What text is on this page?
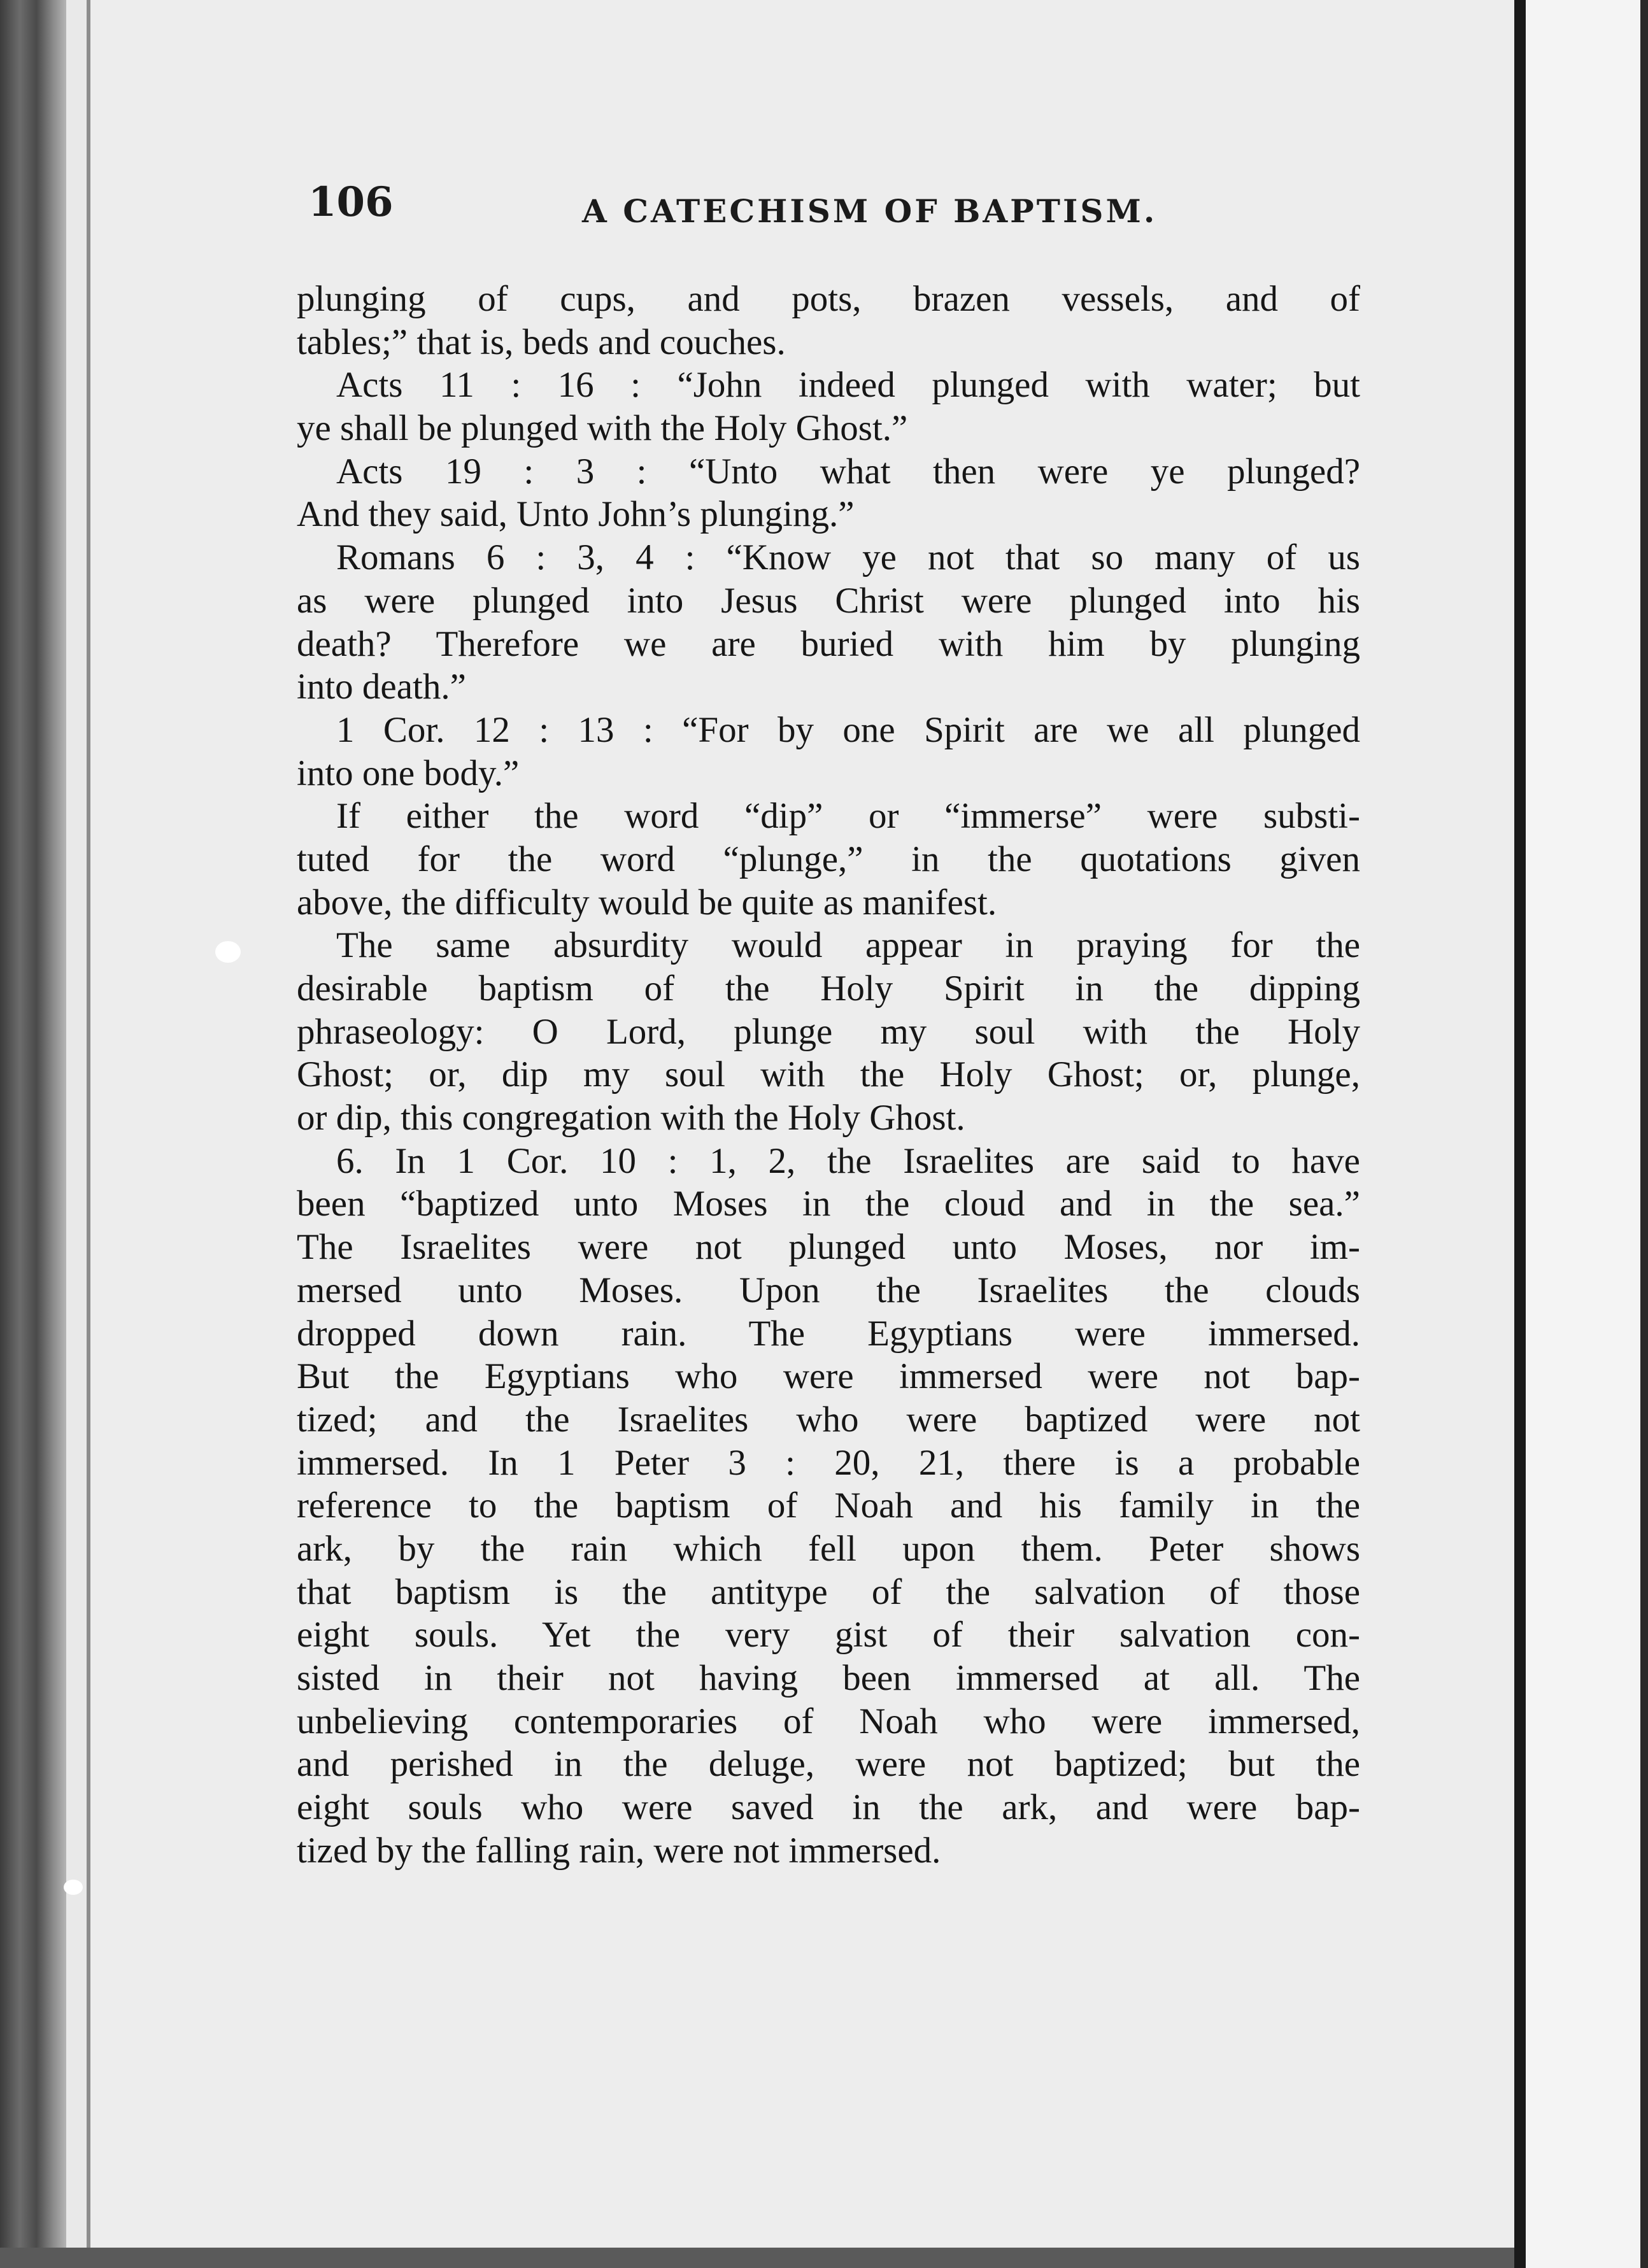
106	A CATECHISM OF BAPTISM.
plunging of cups, and pots, brazen vessels, and of
tables;” that is, beds and couches.
Acts 11 : 16 : “John indeed plunged with water; but
ye shall be plunged with the Holy Ghost.”
Acts 19 : 3 : “Unto what then were ye plunged?
And they said, Unto John’s plunging.”
Romans 6 : 3, 4 : “Know ye not that so many of us
as were plunged into Jesus Christ were plunged into his
death? Therefore we are buried with him by plunging
into death.”
1 Cor. 12 : 13 : “For by one Spirit are we all plunged
into one body.”
If either the word “dip” or “immerse” were substi-
tuted for the word “plunge,” in the quotations given
above, the difficulty would be quite as manifest.
The same absurdity would appear in praying for the
desirable baptism of the Holy Spirit in the dipping
phraseology: O Lord, plunge my soul with the Holy
Ghost; or, dip my soul with the Holy Ghost; or, plunge,
or dip, this congregation with the Holy Ghost.
6. In 1 Cor. 10 : 1, 2, the Israelites are said to have
been “baptized unto Moses in the cloud and in the sea.”
The Israelites were not plunged unto Moses, nor im-
mersed unto Moses. Upon the Israelites the clouds
dropped down rain. The Egyptians were immersed.
But the Egyptians who were immersed were not bap-
tized; and the Israelites who were baptized were not
immersed. In 1 Peter 3 : 20, 21, there is a probable
reference to the baptism of Noah and his family in the
ark, by the rain which fell upon them. Peter shows
that baptism is the antitype of the salvation of those
eight souls. Yet the very gist of their salvation con-
sisted in their not having been immersed at all. The
unbelieving contemporaries of Noah who were immersed,
and perished in the deluge, were not baptized; but the
eight souls who were saved in the ark, and were bap-
tized by the falling rain, were not immersed.
